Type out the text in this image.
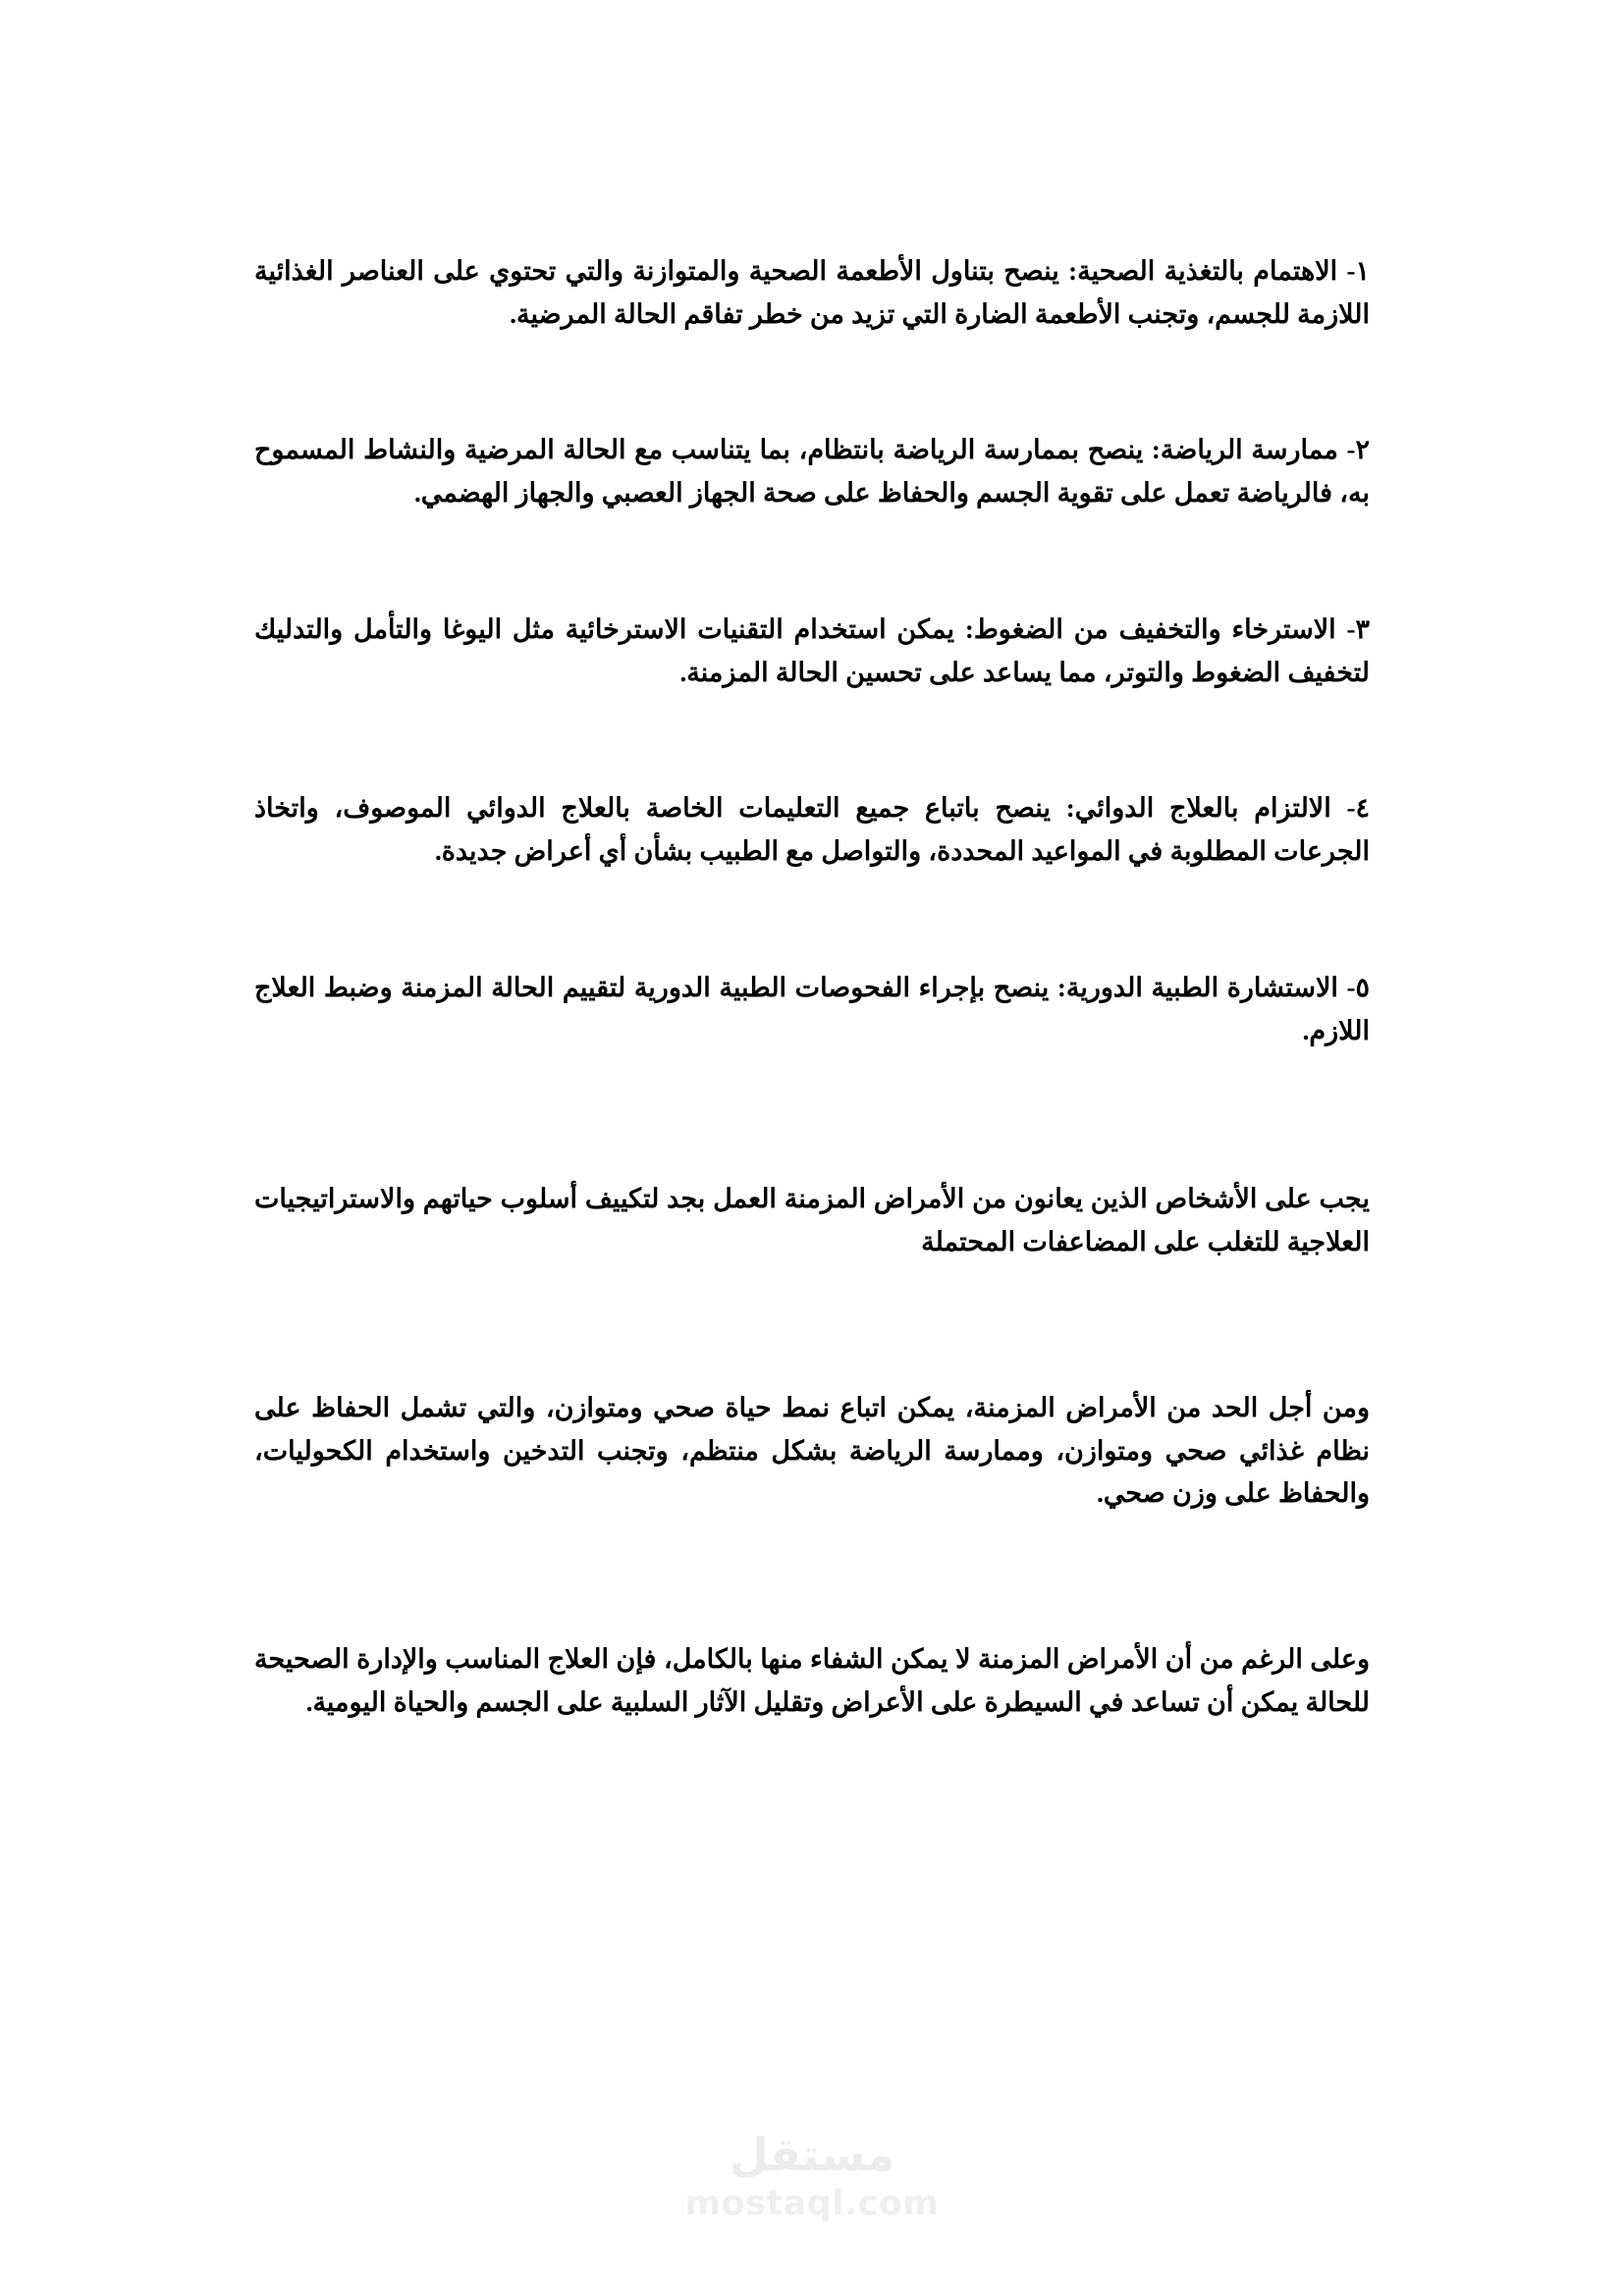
١- الاهتمام بالتغذية الصحية: ينصح بتناول الأطعمة الصحية والمتوازنة والتي تحتوي على العناصر الغذائية اللازمة للجسم، وتجنب الأطعمة الضارة التي تزيد من خطر تفاقم الحالة المرضية.

٢- ممارسة الرياضة: ينصح بممارسة الرياضة بانتظام، بما يتناسب مع الحالة المرضية والنشاط المسموح به، فالرياضة تعمل على تقوية الجسم والحفاظ على صحة الجهاز العصبي والجهاز الهضمي.

٣- الاسترخاء والتخفيف من الضغوط: يمكن استخدام التقنيات الاسترخائية مثل اليوغا والتأمل والتدليك لتخفيف الضغوط والتوتر، مما يساعد على تحسين الحالة المزمنة.

٤- الالتزام بالعلاج الدوائي: ينصح باتباع جميع التعليمات الخاصة بالعلاج الدوائي الموصوف، واتخاذ الجرعات المطلوبة في المواعيد المحددة، والتواصل مع الطبيب بشأن أي أعراض جديدة.

٥- الاستشارة الطبية الدورية: ينصح بإجراء الفحوصات الطبية الدورية لتقييم الحالة المزمنة وضبط العلاج اللازم.

يجب على الأشخاص الذين يعانون من الأمراض المزمنة العمل بجد لتكييف أسلوب حياتهم والاستراتيجيات العلاجية للتغلب على المضاعفات المحتملة

ومن أجل الحد من الأمراض المزمنة، يمكن اتباع نمط حياة صحي ومتوازن، والتي تشمل الحفاظ على نظام غذائي صحي ومتوازن، وممارسة الرياضة بشكل منتظم، وتجنب التدخين واستخدام الكحوليات، والحفاظ على وزن صحي.

وعلى الرغم من أن الأمراض المزمنة لا يمكن الشفاء منها بالكامل، فإن العلاج المناسب والإدارة الصحيحة للحالة يمكن أن تساعد في السيطرة على الأعراض وتقليل الآثار السلبية على الجسم والحياة اليومية.

مستقل
mostaql.com
